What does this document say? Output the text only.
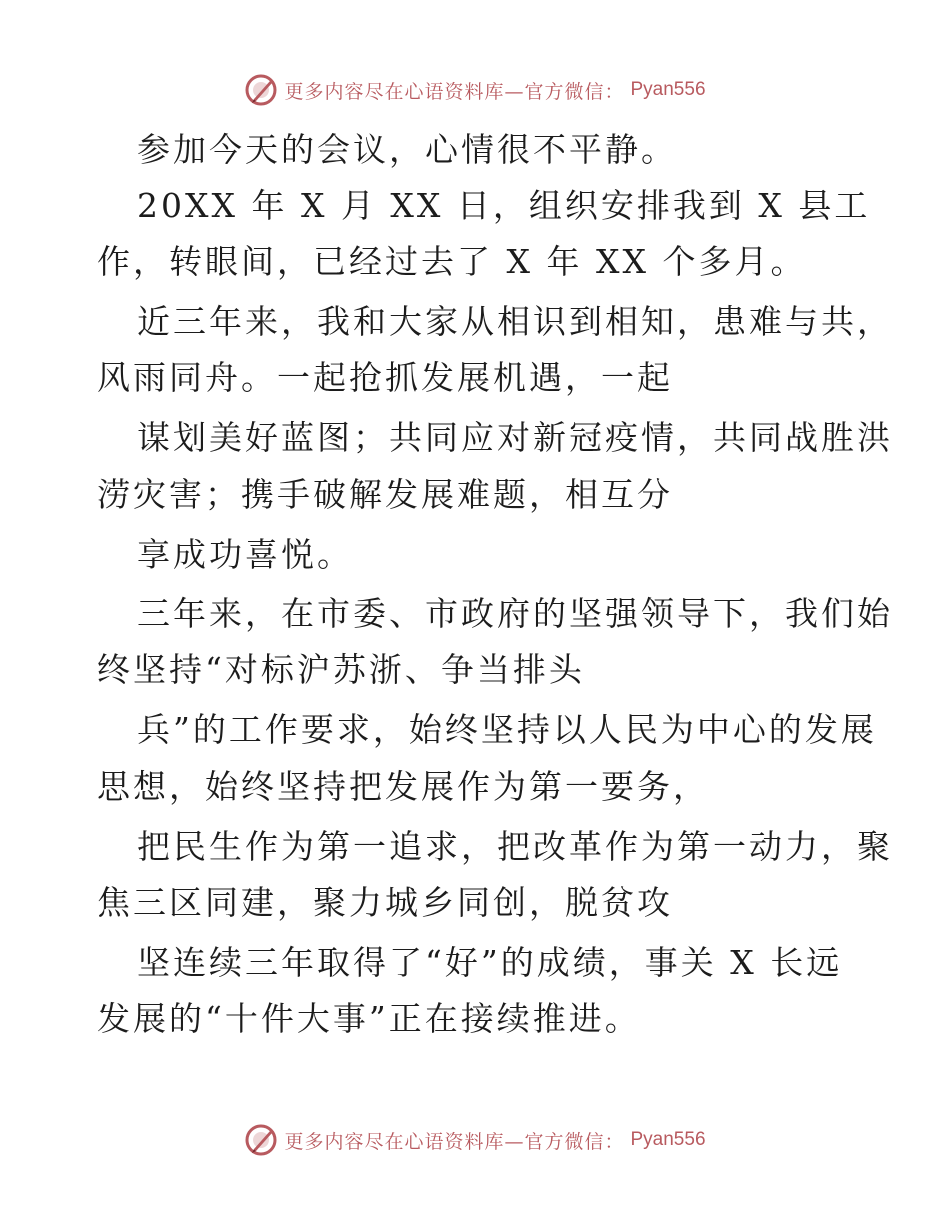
更多内容尽在心语资料库—官方微信： Pyan556
参加今天的会议，心情很不平静。
20XX 年 X 月 XX 日，组织安排我到 X 县工
作，转眼间，已经过去了 X 年 XX 个多月。
近三年来，我和大家从相识到相知，患难与共，
风雨同舟。一起抢抓发展机遇，一起
谋划美好蓝图；共同应对新冠疫情，共同战胜洪
涝灾害；携手破解发展难题，相互分
享成功喜悦。
三年来，在市委、市政府的坚强领导下，我们始
终坚持“对标沪苏浙、争当排头
兵”的工作要求，始终坚持以人民为中心的发展
思想，始终坚持把发展作为第一要务，
把民生作为第一追求，把改革作为第一动力，聚
焦三区同建，聚力城乡同创，脱贫攻
坚连续三年取得了“好”的成绩，事关 X 长远
发展的“十件大事”正在接续推进。
更多内容尽在心语资料库—官方微信： Pyan556
